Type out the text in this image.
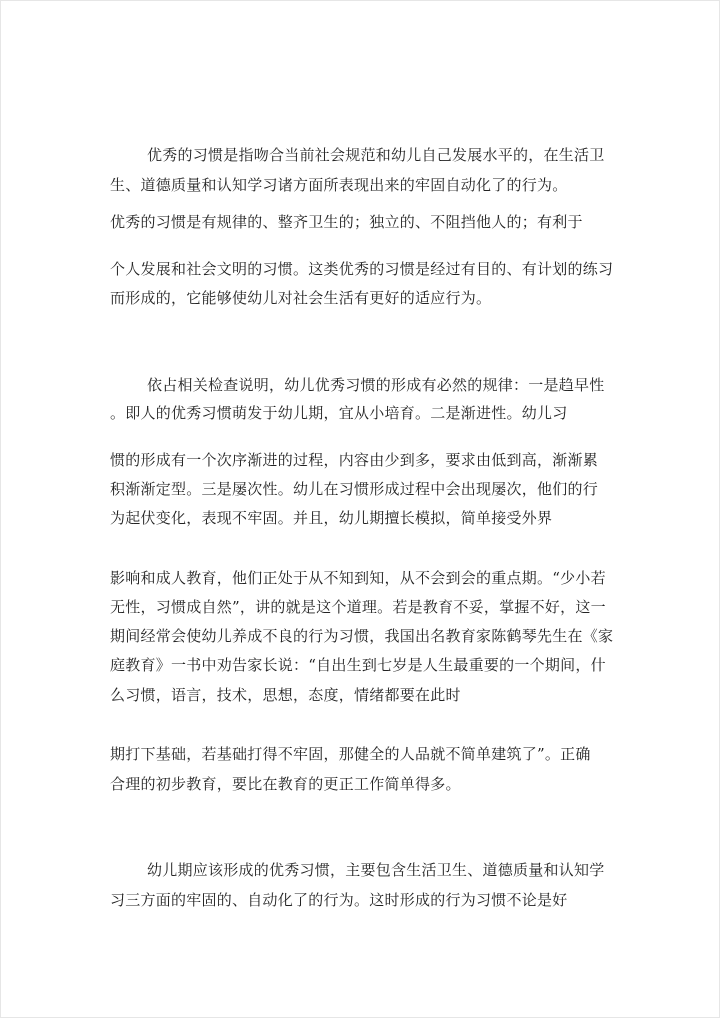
优秀的习惯是指吻合当前社会规范和幼儿自己发展水平的，在生活卫
生、道德质量和认知学习诸方面所表现出来的牢固自动化了的行为。
优秀的习惯是有规律的、整齐卫生的；独立的、不阻挡他人的；有利于
个人发展和社会文明的习惯。这类优秀的习惯是经过有目的、有计划的练习
而形成的，它能够使幼儿对社会生活有更好的适应行为。
依占相关检查说明，幼儿优秀习惯的形成有必然的规律：一是趋早性
。即人的优秀习惯萌发于幼儿期，宜从小培育。二是渐进性。幼儿习
惯的形成有一个次序渐进的过程，内容由少到多，要求由低到高，渐渐累
积渐渐定型。三是屡次性。幼儿在习惯形成过程中会出现屡次，他们的行
为起伏变化，表现不牢固。并且，幼儿期擅长模拟，简单接受外界
影响和成人教育，他们正处于从不知到知，从不会到会的重点期。“少小若
无性，习惯成自然”，讲的就是这个道理。若是教育不妥，掌握不好，这一
期间经常会使幼儿养成不良的行为习惯，我国出名教育家陈鹤琴先生在《家
庭教育》一书中劝告家长说：“自出生到七岁是人生最重要的一个期间，什
么习惯，语言，技术，思想，态度，情绪都要在此时
期打下基础，若基础打得不牢固，那健全的人品就不简单建筑了”。正确
合理的初步教育，要比在教育的更正工作简单得多。
幼儿期应该形成的优秀习惯，主要包含生活卫生、道德质量和认知学
习三方面的牢固的、自动化了的行为。这时形成的行为习惯不论是好
